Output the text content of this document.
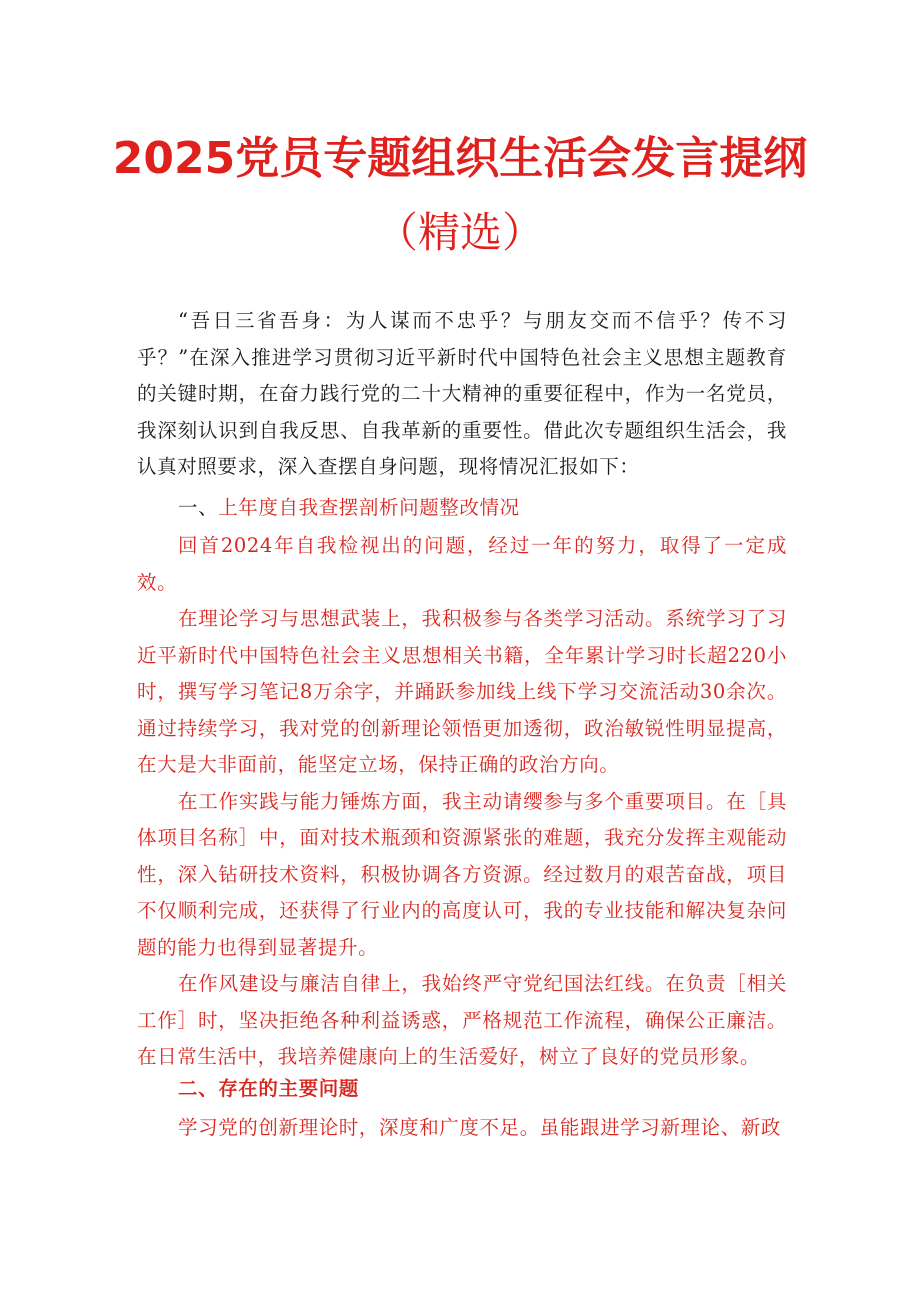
2025党员专题组织生活会发言提纲
（精选）

“吾日三省吾身：为人谋而不忠乎？与朋友交而不信乎？传不习乎？”在深入推进学习贯彻习近平新时代中国特色社会主义思想主题教育的关键时期，在奋力践行党的二十大精神的重要征程中，作为一名党员，我深刻认识到自我反思、自我革新的重要性。借此次专题组织生活会，我认真对照要求，深入查摆自身问题，现将情况汇报如下：

一、上年度自我查摆剖析问题整改情况

回首2024年自我检视出的问题，经过一年的努力，取得了一定成效。

在理论学习与思想武装上，我积极参与各类学习活动。系统学习了习近平新时代中国特色社会主义思想相关书籍，全年累计学习时长超220小时，撰写学习笔记8万余字，并踊跃参加线上线下学习交流活动30余次。通过持续学习，我对党的创新理论领悟更加透彻，政治敏锐性明显提高，在大是大非面前，能坚定立场，保持正确的政治方向。

在工作实践与能力锤炼方面，我主动请缨参与多个重要项目。在［具体项目名称］中，面对技术瓶颈和资源紧张的难题，我充分发挥主观能动性，深入钻研技术资料，积极协调各方资源。经过数月的艰苦奋战，项目不仅顺利完成，还获得了行业内的高度认可，我的专业技能和解决复杂问题的能力也得到显著提升。

在作风建设与廉洁自律上，我始终严守党纪国法红线。在负责［相关工作］时，坚决拒绝各种利益诱惑，严格规范工作流程，确保公正廉洁。在日常生活中，我培养健康向上的生活爱好，树立了良好的党员形象。

二、存在的主要问题

学习党的创新理论时，深度和广度不足。虽能跟进学习新理论、新政
